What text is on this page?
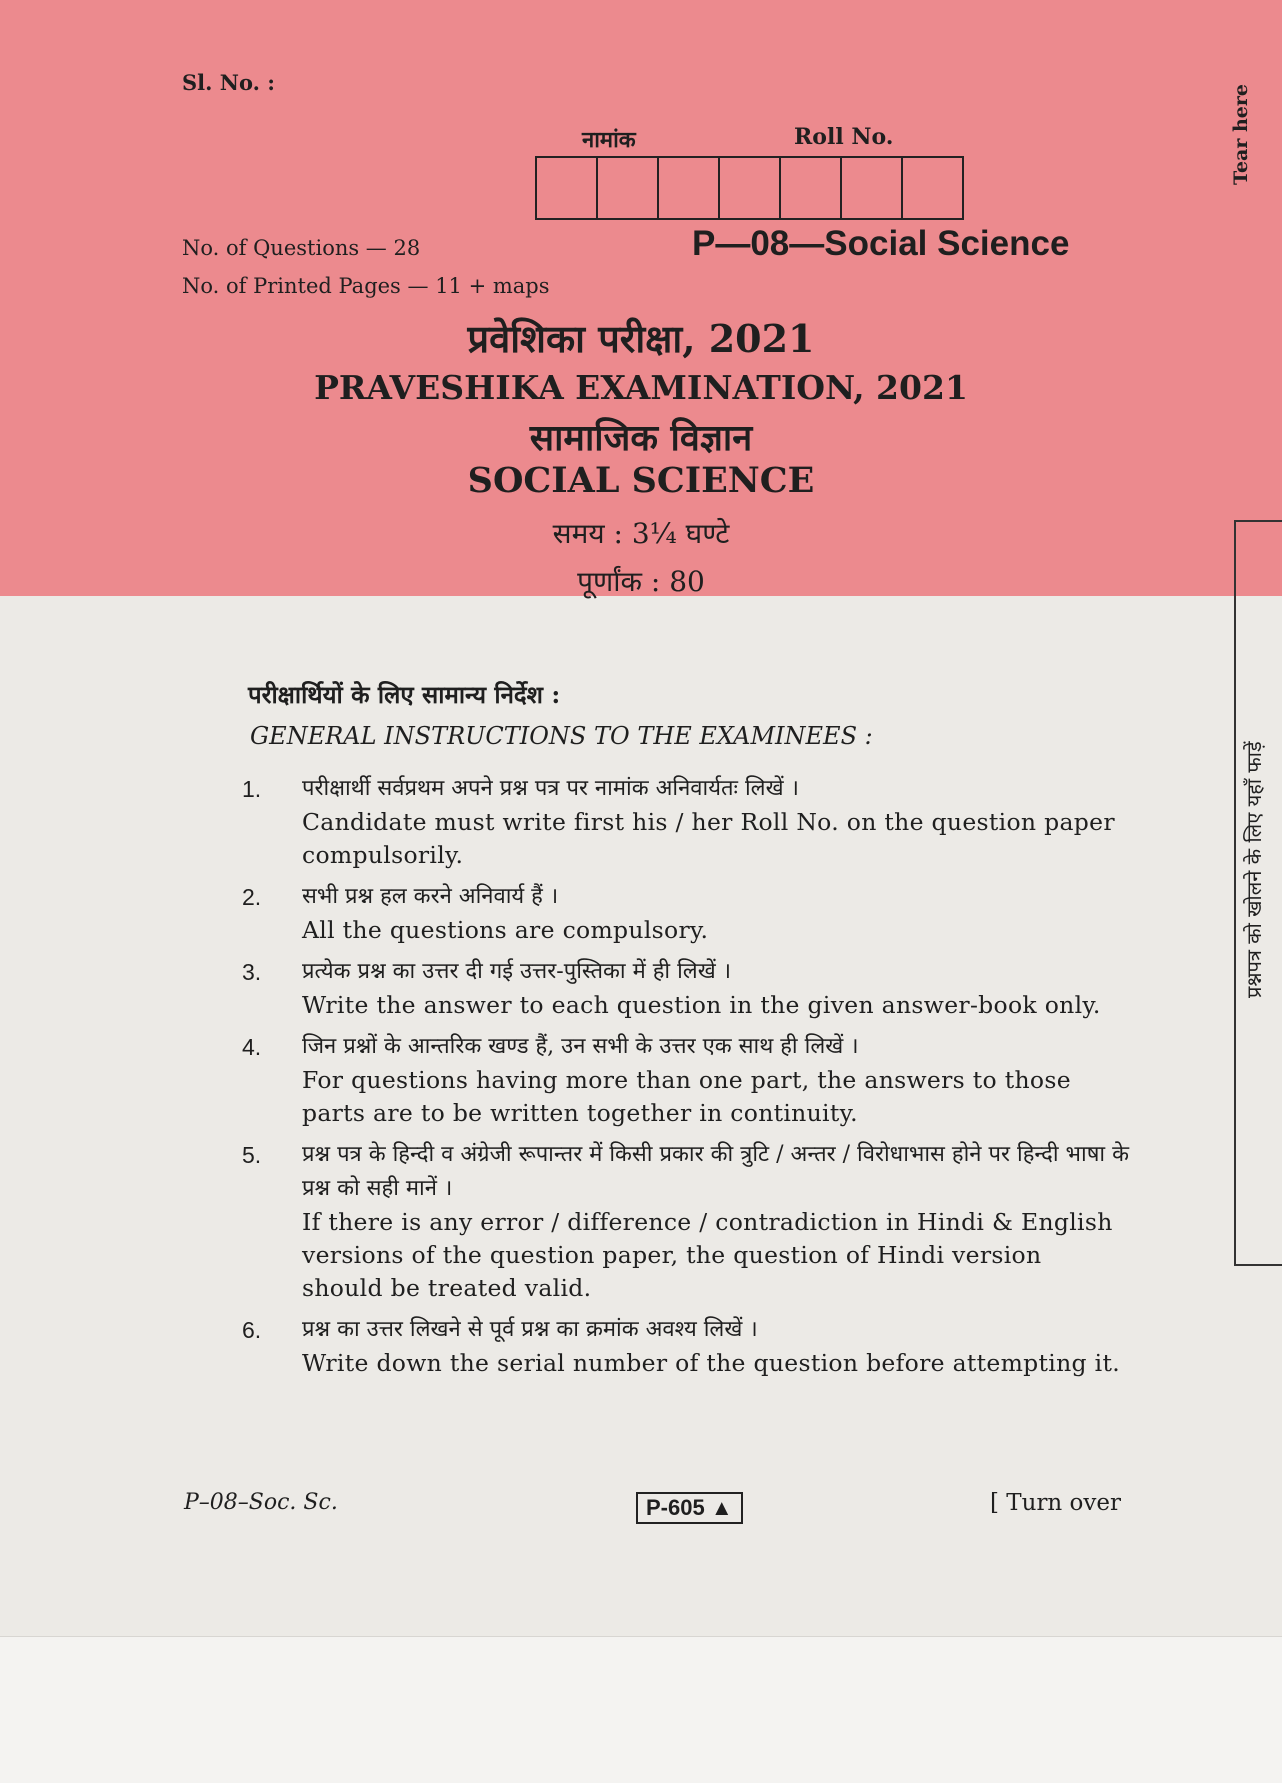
Sl. No. :
नामांक	Roll No.
No. of Questions — 28
No. of Printed Pages — 11 + maps
P—08—Social Science
प्रवेशिका परीक्षा, 2021
PRAVESHIKA EXAMINATION, 2021
सामाजिक विज्ञान
SOCIAL SCIENCE
समय : 3¼ घण्टे
पूर्णांक : 80
Tear here
प्रश्नपत्र को खोलने के लिए यहाँ फाड़ें
परीक्षार्थियों के लिए सामान्य निर्देश :
GENERAL INSTRUCTIONS TO THE EXAMINEES :
1. परीक्षार्थी सर्वप्रथम अपने प्रश्न पत्र पर नामांक अनिवार्यतः लिखें ।
Candidate must write first his / her Roll No. on the question paper compulsorily.
2. सभी प्रश्न हल करने अनिवार्य हैं ।
All the questions are compulsory.
3. प्रत्येक प्रश्न का उत्तर दी गई उत्तर-पुस्तिका में ही लिखें ।
Write the answer to each question in the given answer-book only.
4. जिन प्रश्नों के आन्तरिक खण्ड हैं, उन सभी के उत्तर एक साथ ही लिखें ।
For questions having more than one part, the answers to those parts are to be written together in continuity.
5. प्रश्न पत्र के हिन्दी व अंग्रेजी रूपान्तर में किसी प्रकार की त्रुटि / अन्तर / विरोधाभास होने पर हिन्दी भाषा के प्रश्न को सही मानें ।
If there is any error / difference / contradiction in Hindi & English versions of the question paper, the question of Hindi version should be treated valid.
6. प्रश्न का उत्तर लिखने से पूर्व प्रश्न का क्रमांक अवश्य लिखें ।
Write down the serial number of the question before attempting it.
P–08–Soc. Sc.	P-605 ▲	[ Turn over
